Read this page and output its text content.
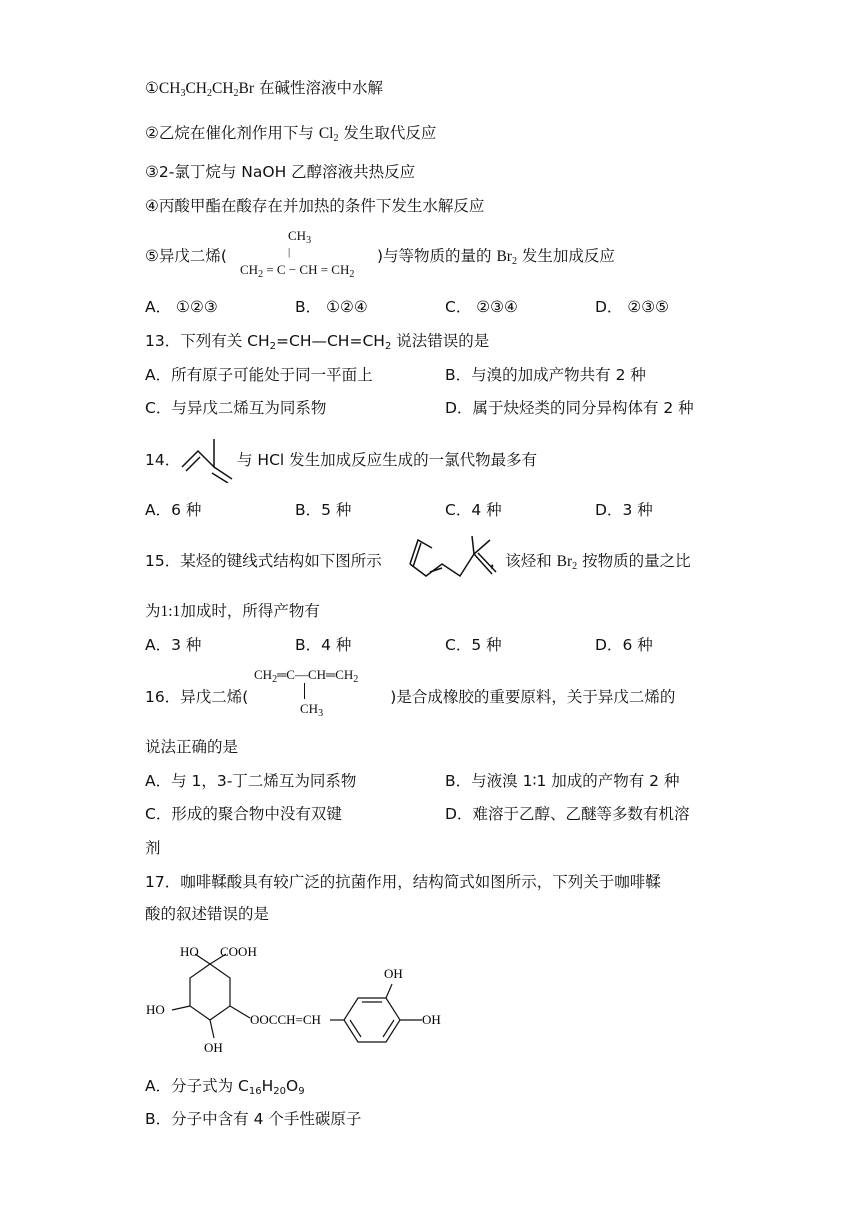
$①CH_3CH_2CH_2Br$ 在碱性溶液中水解
②乙烷在催化剂作用下与 $Cl_2$ 发生取代反应
③2-氯丁烷与 NaOH 乙醇溶液共热反应
④丙酸甲酯在酸存在并加热的条件下发生水解反应
⑤异戊二烯(	)与等物质的量的 $Br_2$ 发生加成反应
$CH_3$
|
$CH_2 = C$ − CH = $CH_2$
A． ①②③	B． ①②④	C． ②③④	D． ②③⑤
13．下列有关 $CH_2=CH—CH=CH_2$ 说法错误的是
A．所有原子可能处于同一平面上	B．与溴的加成产物共有 2 种
C．与异戊二烯互为同系物	D．属于炔烃类的同分异构体有 2 种
14．	与 HCl 发生加成反应生成的一氯代物最多有
A．6 种	B．5 种	C．4 种	D．3 种
15．某烃的键线式结构如下图所示	，该烃和 $Br_2$ 按物质的量之比
为1:1加成时，所得产物有
A．3 种	B．4 种	C．5 种	D．6 种
16．异戊二烯(	)是合成橡胶的重要原料，关于异戊二烯的
$CH_2═C—CH═CH_2$
$CH_3$
说法正确的是
A．与 1，3-丁二烯互为同系物	B．与液溴 1∶1 加成的产物有 2 种
C．形成的聚合物中没有双键	D．难溶于乙醇、乙醚等多数有机溶
剂
17．咖啡鞣酸具有较广泛的抗菌作用，结构简式如图所示，下列关于咖啡鞣
酸的叙述错误的是
HO COOH
HO
OH
OOCCH=CH
OH
OH
A．分子式为 $C_{16}H_{20}O_9$
B．分子中含有 4 个手性碳原子
